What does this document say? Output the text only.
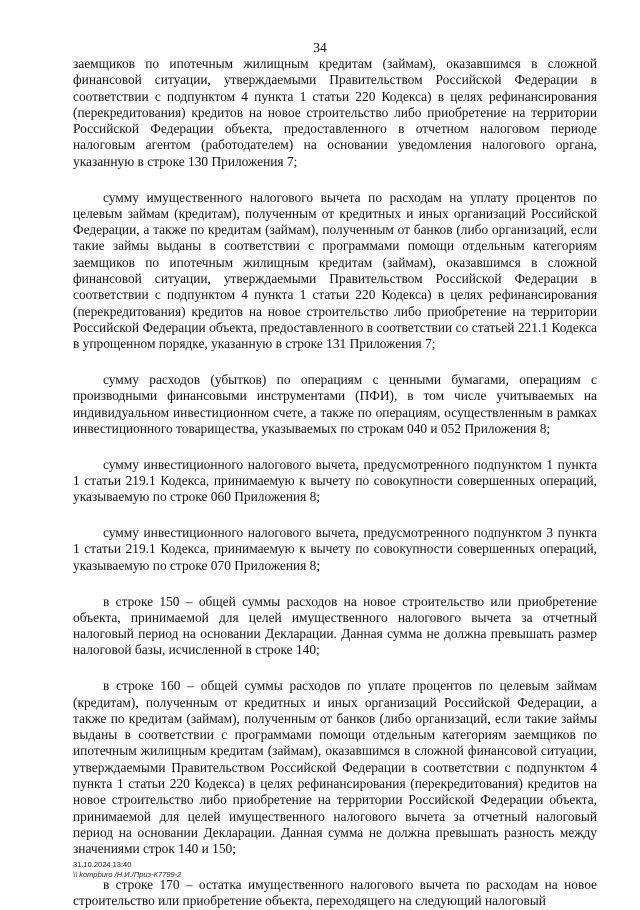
34

заемщиков по ипотечным жилищным кредитам (займам), оказавшимся в сложной финансовой ситуации, утверждаемыми Правительством Российской Федерации в соответствии с подпунктом 4 пункта 1 статьи 220 Кодекса) в целях рефинансирования (перекредитования) кредитов на новое строительство либо приобретение на территории Российской Федерации объекта, предоставленного в отчетном налоговом периоде налоговым агентом (работодателем) на основании уведомления налогового органа, указанную в строке 130 Приложения 7;

сумму имущественного налогового вычета по расходам на уплату процентов по целевым займам (кредитам), полученным от кредитных и иных организаций Российской Федерации, а также по кредитам (займам), полученным от банков (либо организаций, если такие займы выданы в соответствии с программами помощи отдельным категориям заемщиков по ипотечным жилищным кредитам (займам), оказавшимся в сложной финансовой ситуации, утверждаемыми Правительством Российской Федерации в соответствии с подпунктом 4 пункта 1 статьи 220 Кодекса) в целях рефинансирования (перекредитования) кредитов на новое строительство либо приобретение на территории Российской Федерации объекта, предоставленного в соответствии со статьей 221.1 Кодекса в упрощенном порядке, указанную в строке 131 Приложения 7;

сумму расходов (убытков) по операциям с ценными бумагами, операциям с производными финансовыми инструментами (ПФИ), в том числе учитываемых на индивидуальном инвестиционном счете, а также по операциям, осуществленным в рамках инвестиционного товарищества, указываемых по строкам 040 и 052 Приложения 8;

сумму инвестиционного налогового вычета, предусмотренного подпунктом 1 пункта 1 статьи 219.1 Кодекса, принимаемую к вычету по совокупности совершенных операций, указываемую по строке 060 Приложения 8;

сумму инвестиционного налогового вычета, предусмотренного подпунктом 3 пункта 1 статьи 219.1 Кодекса, принимаемую к вычету по совокупности совершенных операций, указываемую по строке 070 Приложения 8;

в строке 150 – общей суммы расходов на новое строительство или приобретение объекта, принимаемой для целей имущественного налогового вычета за отчетный налоговый период на основании Декларации. Данная сумма не должна превышать размер налоговой базы, исчисленной в строке 140;

в строке 160 – общей суммы расходов по уплате процентов по целевым займам (кредитам), полученным от кредитных и иных организаций Российской Федерации, а также по кредитам (займам), полученным от банков (либо организаций, если такие займы выданы в соответствии с программами помощи отдельным категориям заемщиков по ипотечным жилищным кредитам (займам), оказавшимся в сложной финансовой ситуации, утверждаемыми Правительством Российской Федерации в соответствии с подпунктом 4 пункта 1 статьи 220 Кодекса) в целях рефинансирования (перекредитования) кредитов на новое строительство либо приобретение на территории Российской Федерации объекта, принимаемой для целей имущественного налогового вычета за отчетный налоговый период на основании Декларации. Данная сумма не должна превышать разность между значениями строк 140 и 150;

в строке 170 – остатка имущественного налогового вычета по расходам на новое строительство или приобретение объекта, переходящего на следующий налоговый

31.10.2024 13:40
\\ kompburo /Н.И./Приз-К7799-2
